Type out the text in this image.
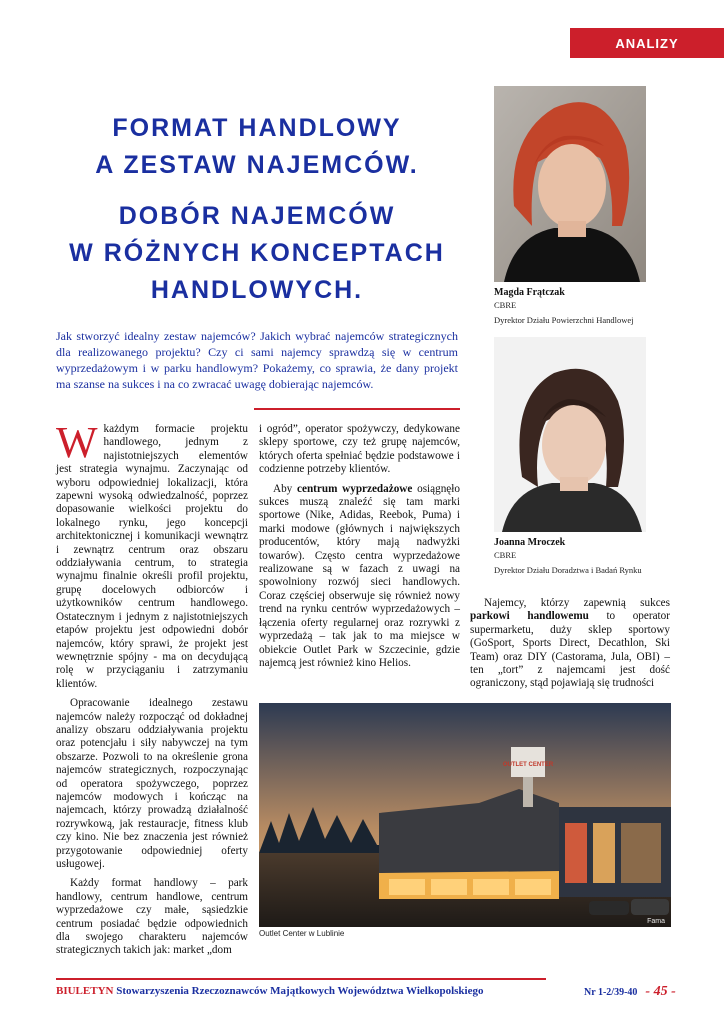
ANALIZY
FORMAT HANDLOWY
A ZESTAW NAJEMCÓW.
DOBÓR NAJEMCÓW
W RÓŻNYCH KONCEPTACH
HANDLOWYCH.	Magda Frątczak
CBRE
Dyrektor Działu Powierzchni Handlowej
Joanna Mroczek
CBRE
Dyrektor Działu Doradztwa i Badań Rynku
Jak stworzyć idealny zestaw najemców? Jakich wybrać najemców strategicznych dla realizowanego projektu? Czy ci sami najemcy sprawdzą się w centrum wyprzedażowym i w parku handlowym? Pokażemy, co sprawia, że dany projekt ma szanse na sukces i na co zwracać uwagę dobierając najemców.

Wkażdym formacie projektu handlowego, jednym z najistotniejszych elementów jest strategia wynajmu. Zaczynając od wyboru odpowiedniej lokalizacji, która zapewni wysoką odwiedzalność, poprzez dopasowanie wielkości projektu do lokalnego rynku, jego koncepcji architektonicznej i komunikacji wewnątrz i zewnątrz centrum oraz obszaru oddziaływania centrum, to strategia wynajmu finalnie określi profil projektu, grupę docelowych odbiorców i użytkowników centrum handlowego. Ostatecznym i jednym z najistotniejszych etapów projektu jest odpowiedni dobór najemców, który sprawi, że projekt jest wewnętrznie spójny - ma on decydującą rolę w przyciąganiu i zatrzymaniu klientów.

Opracowanie idealnego zestawu najemców należy rozpocząć od dokładnej analizy obszaru oddziaływania projektu oraz potencjału i siły nabywczej na tym obszarze. Pozwoli to na określenie grona najemców strategicznych, rozpoczynając od operatora spożywczego, poprzez najemców modowych i kończąc na najemcach, którzy prowadzą działalność rozrywkową, jak restauracje, fitness klub czy kino. Nie bez znaczenia jest również przygotowanie odpowiedniej oferty usługowej.

Każdy format handlowy – park handlowy, centrum handlowe, centrum wyprzedażowe czy małe, sąsiedzkie centrum posiadać będzie odpowiednich dla swojego charakteru najemców strategicznych takich jak: market „dom

i ogród”, operator spożywczy, dedykowane sklepy sportowe, czy też grupę najemców, których oferta spełniać będzie podstawowe i codzienne potrzeby klientów.

Aby centrum wyprzedażowe osiągnęło sukces muszą znaleźć się tam marki sportowe (Nike, Adidas, Reebok, Puma) i marki modowe (głównych i największych producentów, który mają nadwyżki towarów). Często centra wyprzedażowe realizowane są w fazach z uwagi na spowolniony rozwój sieci handlowych. Coraz częściej obserwuje się również nowy trend na rynku centrów wyprzedażowych – łączenia oferty regularnej oraz rozrywki z wyprzedażą – tak jak to ma miejsce w obiekcie Outlet Park w Szczecinie, gdzie najemcą jest również kino Helios.

Najemcy, którzy zapewnią sukces parkowi handlowemu to operator supermarketu, duży sklep sportowy (GoSport, Sports Direct, Decathlon, Ski Team) oraz DIY (Castorama, Jula, OBI) – ten „tort” z najemcami jest dość ograniczony, stąd pojawiają się trudności

OUTLET CENTER
Fama
Outlet Center w Lublinie
BIULETYN Stowarzyszenia Rzeczoznawców Majątkowych Województwa Wielkopolskiego	Nr 1-2/39-40 - 45 -
